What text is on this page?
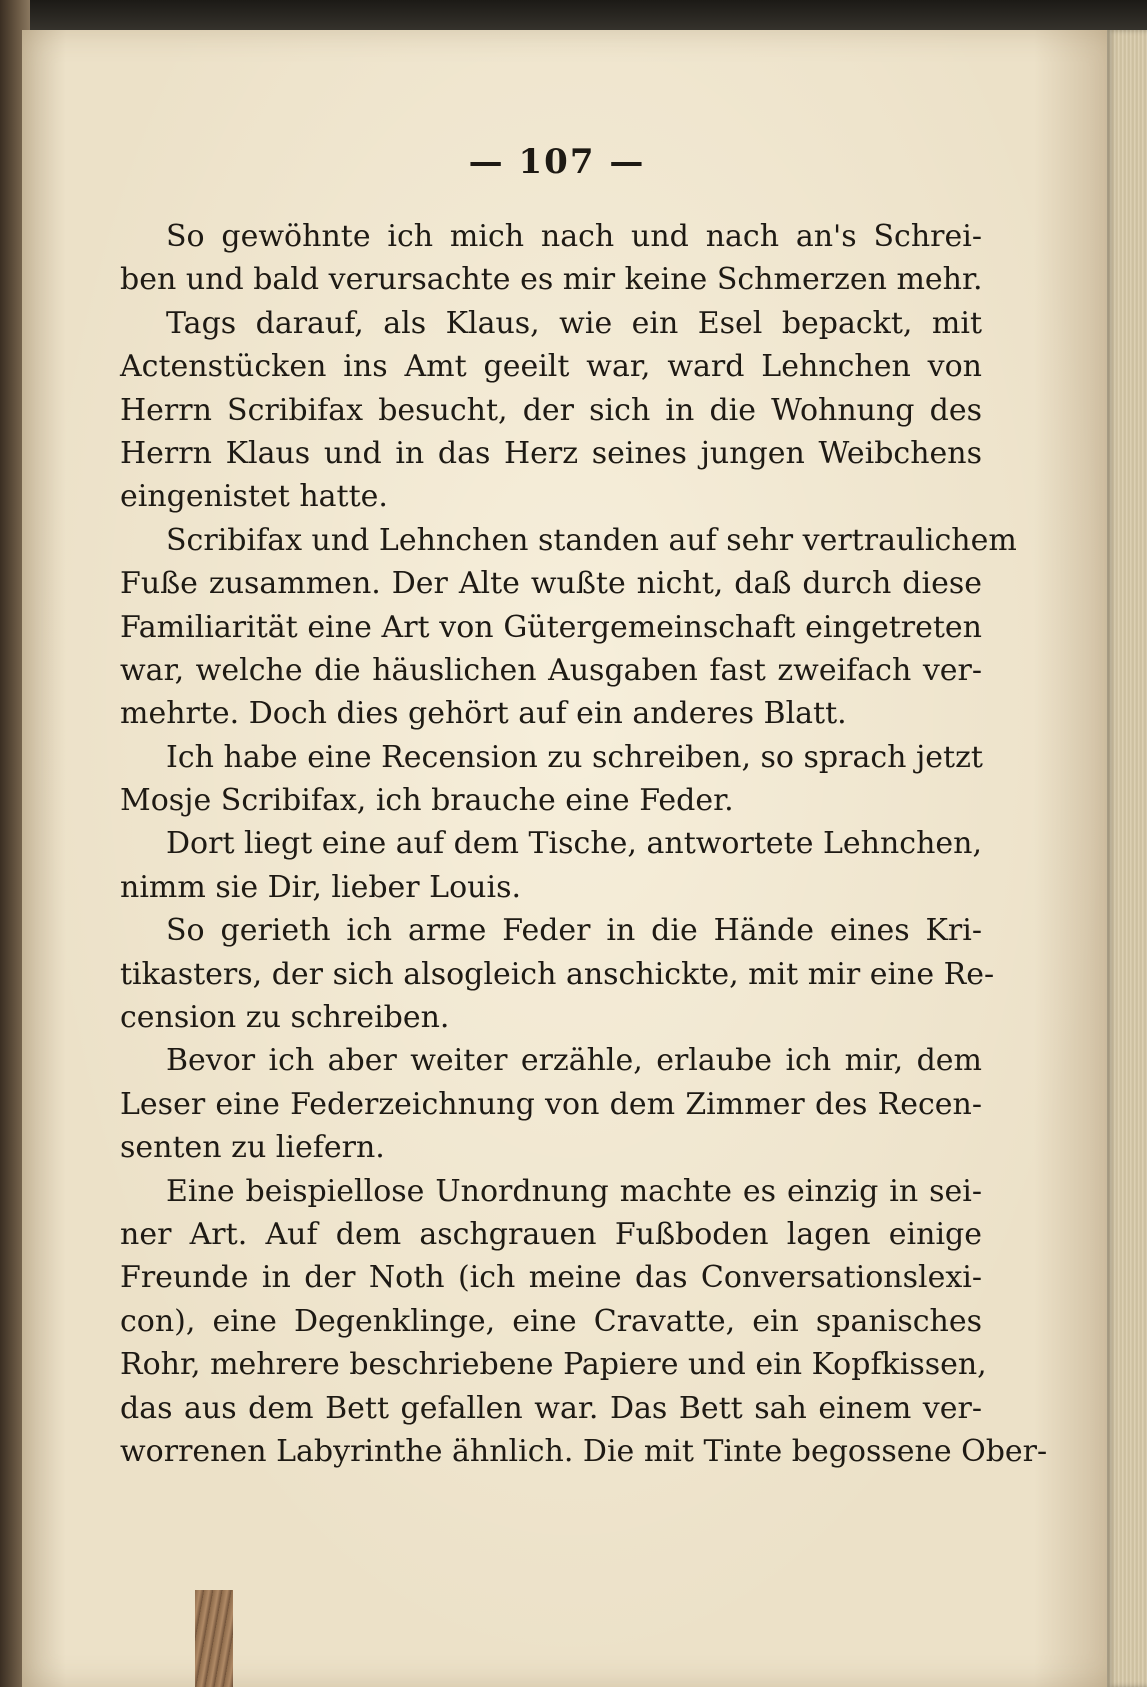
— 107 —
So gewöhnte ich mich nach und nach an's Schrei-
ben und bald verursachte es mir keine Schmerzen mehr.
Tags darauf, als Klaus, wie ein Esel bepackt, mit
Actenstücken ins Amt geeilt war, ward Lehnchen von
Herrn Scribifax besucht, der sich in die Wohnung des
Herrn Klaus und in das Herz seines jungen Weibchens
eingenistet hatte.
Scribifax und Lehnchen standen auf sehr vertraulichem
Fuße zusammen. Der Alte wußte nicht, daß durch diese
Familiarität eine Art von Gütergemeinschaft eingetreten
war, welche die häuslichen Ausgaben fast zweifach ver-
mehrte. Doch dies gehört auf ein anderes Blatt.
Ich habe eine Recension zu schreiben, so sprach jetzt
Mosje Scribifax, ich brauche eine Feder.
Dort liegt eine auf dem Tische, antwortete Lehnchen,
nimm sie Dir, lieber Louis.
So gerieth ich arme Feder in die Hände eines Kri-
tikasters, der sich alsogleich anschickte, mit mir eine Re-
cension zu schreiben.
Bevor ich aber weiter erzähle, erlaube ich mir, dem
Leser eine Federzeichnung von dem Zimmer des Recen-
senten zu liefern.
Eine beispiellose Unordnung machte es einzig in sei-
ner Art. Auf dem aschgrauen Fußboden lagen einige
Freunde in der Noth (ich meine das Conversationslexi-
con), eine Degenklinge, eine Cravatte, ein spanisches
Rohr, mehrere beschriebene Papiere und ein Kopfkissen,
das aus dem Bett gefallen war. Das Bett sah einem ver-
worrenen Labyrinthe ähnlich. Die mit Tinte begossene Ober-
